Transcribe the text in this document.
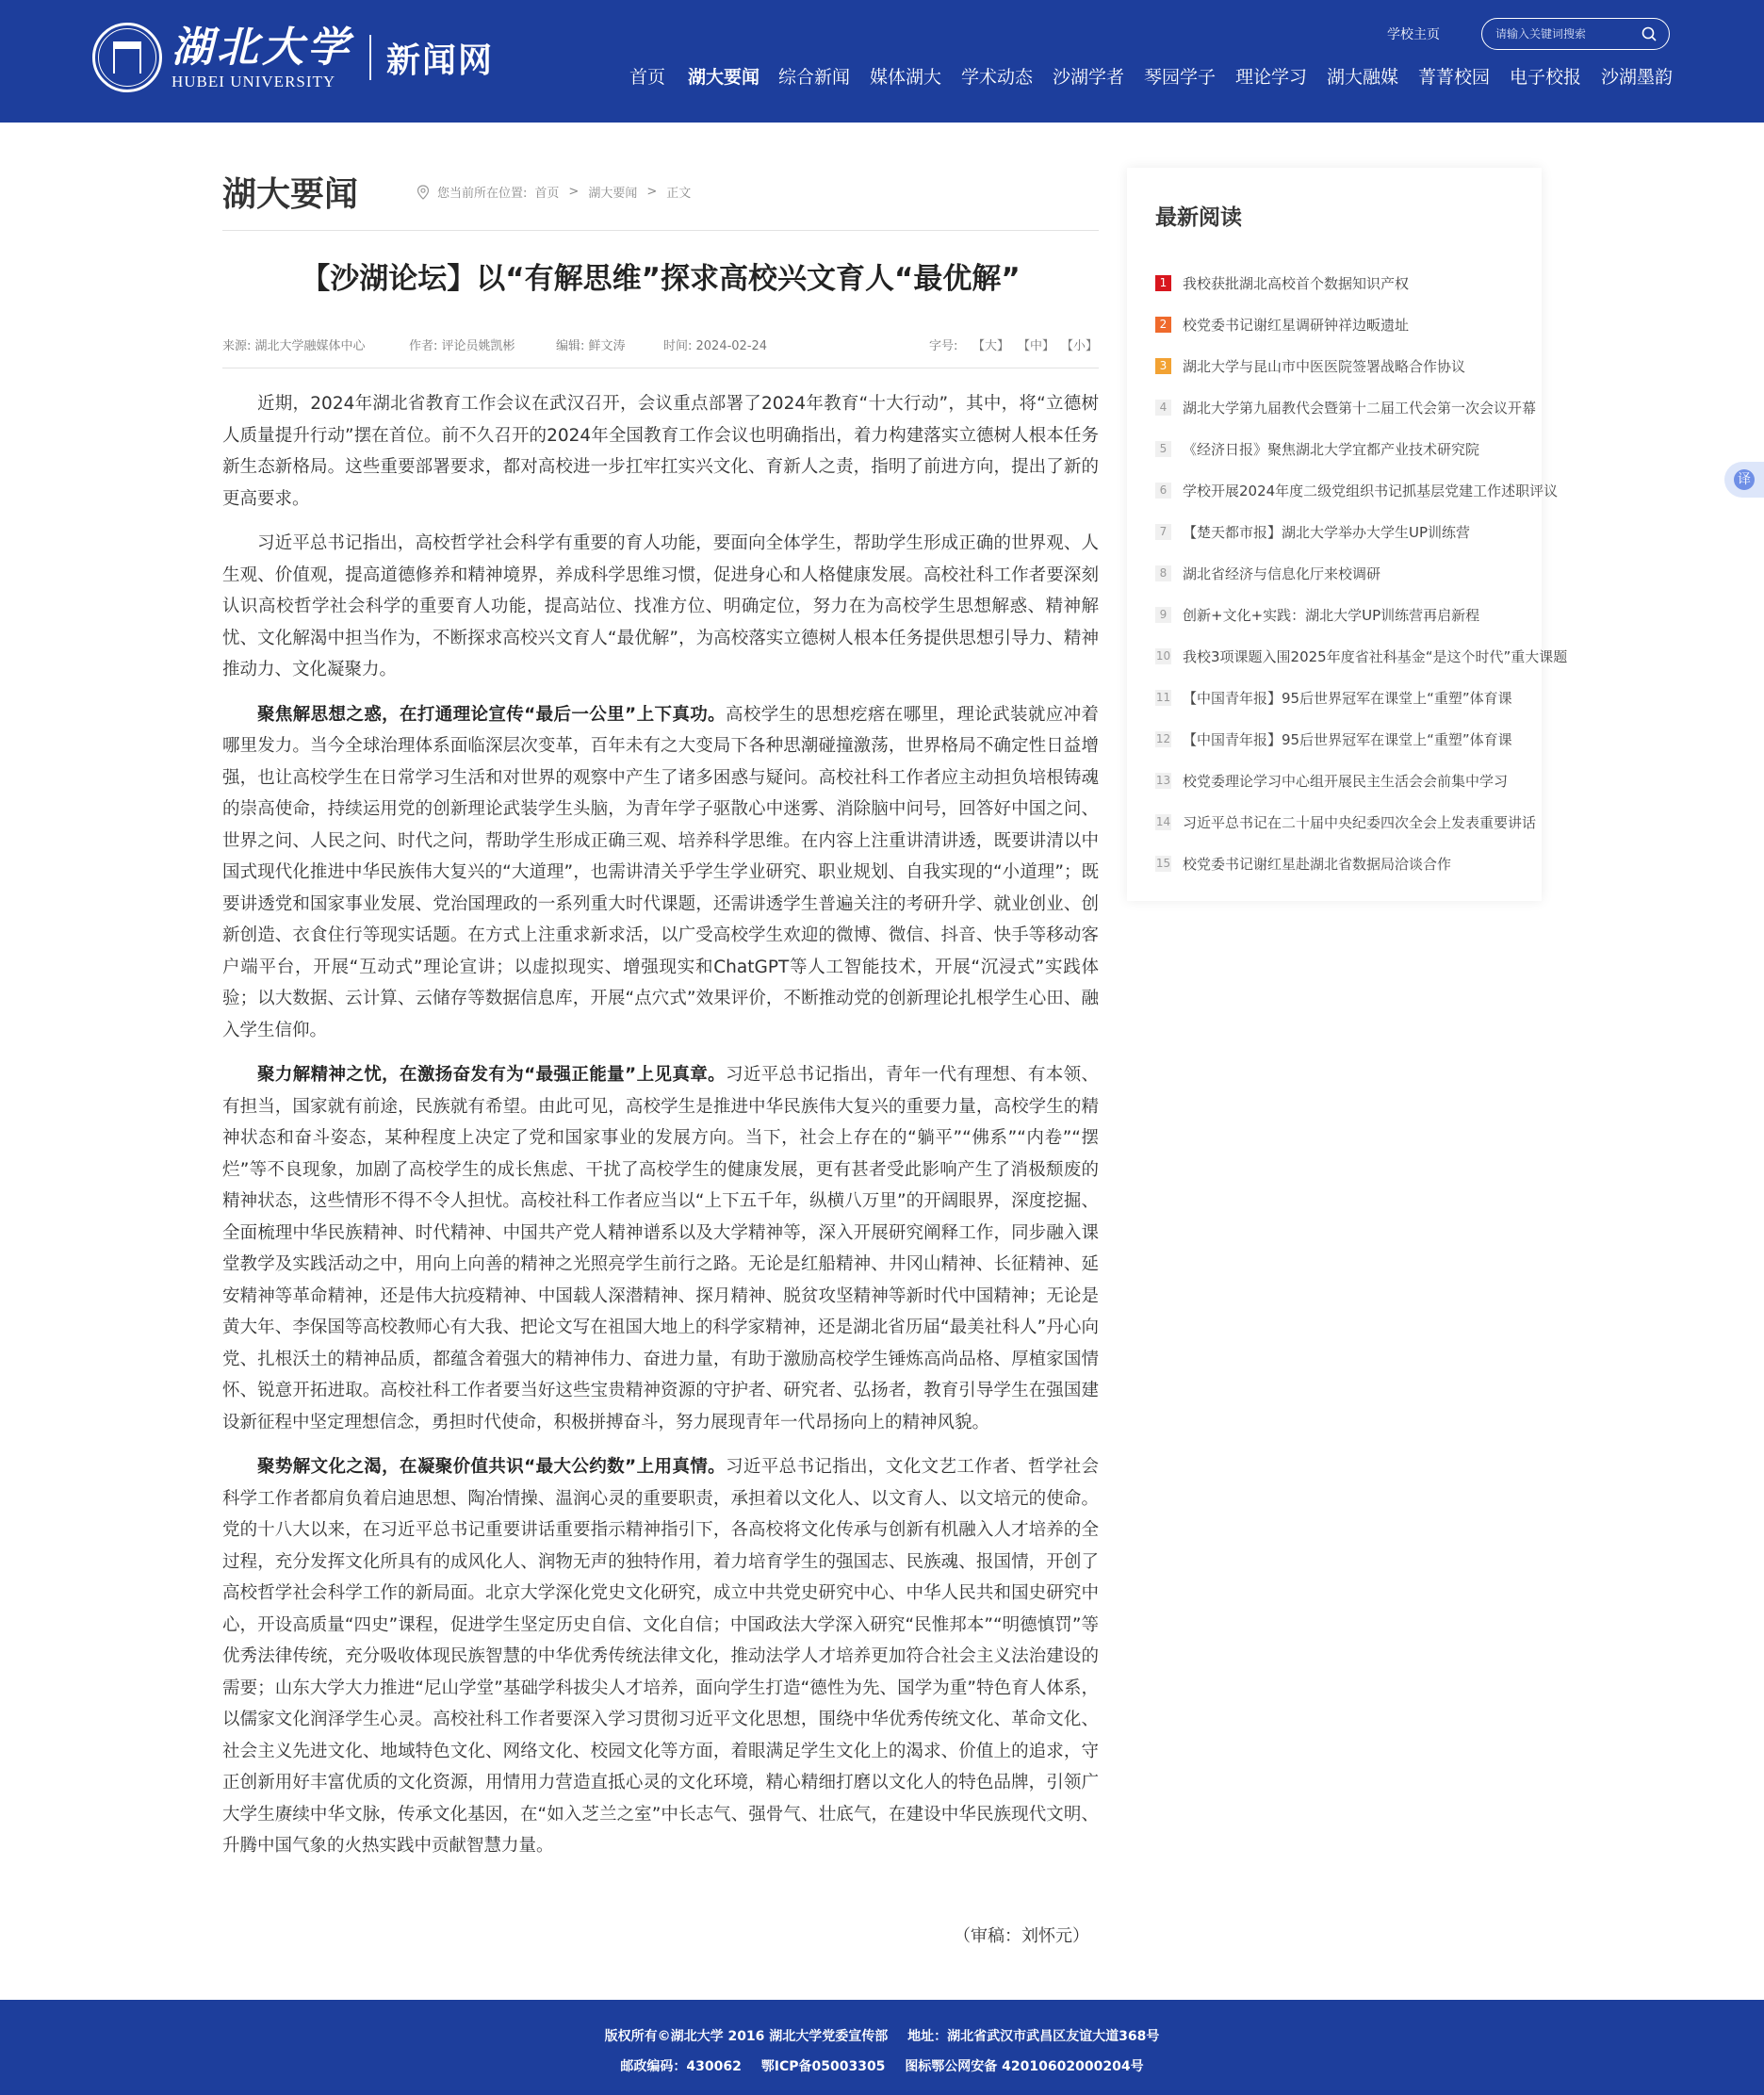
湖北大学
HUBEI UNIVERSITY
新闻网
学校主页
请输入关键词搜索
首页 湖大要闻 综合新闻 媒体湖大 学术动态 沙湖学者 琴园学子 理论学习 湖大融媒 菁菁校园 电子校报 沙湖墨韵
湖大要闻	您当前所在位置: 首页 > 湖大要闻 > 正文
【沙湖论坛】以“有解思维”探求高校兴文育人“最优解”
来源: 湖北大学融媒体中心	作者: 评论员姚凯彬	编辑: 鲜文涛	时间: 2024-02-24	字号: 【大】 【中】 【小】

近期，2024年湖北省教育工作会议在武汉召开，会议重点部署了2024年教育“十大行动”，其中，将“立德树人质量提升行动”摆在首位。前不久召开的2024年全国教育工作会议也明确指出，着力构建落实立德树人根本任务新生态新格局。这些重要部署要求，都对高校进一步扛牢扛实兴文化、育新人之责，指明了前进方向，提出了新的更高要求。

习近平总书记指出，高校哲学社会科学有重要的育人功能，要面向全体学生，帮助学生形成正确的世界观、人生观、价值观，提高道德修养和精神境界，养成科学思维习惯，促进身心和人格健康发展。高校社科工作者要深刻认识高校哲学社会科学的重要育人功能，提高站位、找准方位、明确定位，努力在为高校学生思想解惑、精神解忧、文化解渴中担当作为，不断探求高校兴文育人“最优解”，为高校落实立德树人根本任务提供思想引导力、精神推动力、文化凝聚力。

聚焦解思想之惑，在打通理论宣传“最后一公里”上下真功。高校学生的思想疙瘩在哪里，理论武装就应冲着哪里发力。当今全球治理体系面临深层次变革，百年未有之大变局下各种思潮碰撞激荡，世界格局不确定性日益增强，也让高校学生在日常学习生活和对世界的观察中产生了诸多困惑与疑问。高校社科工作者应主动担负培根铸魂的崇高使命，持续运用党的创新理论武装学生头脑，为青年学子驱散心中迷雾、消除脑中问号，回答好中国之问、世界之问、人民之问、时代之问，帮助学生形成正确三观、培养科学思维。在内容上注重讲清讲透，既要讲清以中国式现代化推进中华民族伟大复兴的“大道理”，也需讲清关乎学生学业研究、职业规划、自我实现的“小道理”；既要讲透党和国家事业发展、党治国理政的一系列重大时代课题，还需讲透学生普遍关注的考研升学、就业创业、创新创造、衣食住行等现实话题。在方式上注重求新求活，以广受高校学生欢迎的微博、微信、抖音、快手等移动客户端平台，开展“互动式”理论宣讲；以虚拟现实、增强现实和ChatGPT等人工智能技术，开展“沉浸式”实践体验；以大数据、云计算、云储存等数据信息库，开展“点穴式”效果评价，不断推动党的创新理论扎根学生心田、融入学生信仰。

聚力解精神之忧，在激扬奋发有为“最强正能量”上见真章。习近平总书记指出，青年一代有理想、有本领、有担当，国家就有前途，民族就有希望。由此可见，高校学生是推进中华民族伟大复兴的重要力量，高校学生的精神状态和奋斗姿态，某种程度上决定了党和国家事业的发展方向。当下，社会上存在的“躺平”“佛系”“内卷”“摆烂”等不良现象，加剧了高校学生的成长焦虑、干扰了高校学生的健康发展，更有甚者受此影响产生了消极颓废的精神状态，这些情形不得不令人担忧。高校社科工作者应当以“上下五千年，纵横八万里”的开阔眼界，深度挖掘、全面梳理中华民族精神、时代精神、中国共产党人精神谱系以及大学精神等，深入开展研究阐释工作，同步融入课堂教学及实践活动之中，用向上向善的精神之光照亮学生前行之路。无论是红船精神、井冈山精神、长征精神、延安精神等革命精神，还是伟大抗疫精神、中国载人深潜精神、探月精神、脱贫攻坚精神等新时代中国精神；无论是黄大年、李保国等高校教师心有大我、把论文写在祖国大地上的科学家精神，还是湖北省历届“最美社科人”丹心向党、扎根沃土的精神品质，都蕴含着强大的精神伟力、奋进力量，有助于激励高校学生锤炼高尚品格、厚植家国情怀、锐意开拓进取。高校社科工作者要当好这些宝贵精神资源的守护者、研究者、弘扬者，教育引导学生在强国建设新征程中坚定理想信念，勇担时代使命，积极拼搏奋斗，努力展现青年一代昂扬向上的精神风貌。

聚势解文化之渴，在凝聚价值共识“最大公约数”上用真情。习近平总书记指出，文化文艺工作者、哲学社会科学工作者都肩负着启迪思想、陶冶情操、温润心灵的重要职责，承担着以文化人、以文育人、以文培元的使命。党的十八大以来，在习近平总书记重要讲话重要指示精神指引下，各高校将文化传承与创新有机融入人才培养的全过程，充分发挥文化所具有的成风化人、润物无声的独特作用，着力培育学生的强国志、民族魂、报国情，开创了高校哲学社会科学工作的新局面。北京大学深化党史文化研究，成立中共党史研究中心、中华人民共和国史研究中心，开设高质量“四史”课程，促进学生坚定历史自信、文化自信；中国政法大学深入研究“民惟邦本”“明德慎罚”等优秀法律传统，充分吸收体现民族智慧的中华优秀传统法律文化，推动法学人才培养更加符合社会主义法治建设的需要；山东大学大力推进“尼山学堂”基础学科拔尖人才培养，面向学生打造“德性为先、国学为重”特色育人体系，以儒家文化润泽学生心灵。高校社科工作者要深入学习贯彻习近平文化思想，围绕中华优秀传统文化、革命文化、社会主义先进文化、地域特色文化、网络文化、校园文化等方面，着眼满足学生文化上的渴求、价值上的追求，守正创新用好丰富优质的文化资源，用情用力营造直抵心灵的文化环境，精心精细打磨以文化人的特色品牌，引领广大学生赓续中华文脉，传承文化基因，在“如入芝兰之室”中长志气、强骨气、壮底气，在建设中华民族现代文明、升腾中国气象的火热实践中贡献智慧力量。

（审稿：刘怀元）
最新阅读
1	我校获批湖北高校首个数据知识产权
2	校党委书记谢红星调研钟祥边畈遗址
3	湖北大学与昆山市中医医院签署战略合作协议
4	湖北大学第九届教代会暨第十二届工代会第一次会议开幕
5	《经济日报》聚焦湖北大学宜都产业技术研究院
6	学校开展2024年度二级党组织书记抓基层党建工作述职评议
7	【楚天都市报】湖北大学举办大学生UP训练营
8	湖北省经济与信息化厅来校调研
9	创新+文化+实践：湖北大学UP训练营再启新程
10 我校3项课题入围2025年度省社科基金“是这个时代”重大课题
11 【中国青年报】95后世界冠军在课堂上“重塑”体育课
12 【中国青年报】95后世界冠军在课堂上“重塑”体育课
13 校党委理论学习中心组开展民主生活会会前集中学习
14 习近平总书记在二十届中央纪委四次全会上发表重要讲话
15 校党委书记谢红星赴湖北省数据局洽谈合作
译
版权所有©湖北大学 2016 湖北大学党委宣传部 地址：湖北省武汉市武昌区友谊大道368号
邮政编码：430062 鄂ICP备05003305 图标鄂公网安备 42010602000204号
